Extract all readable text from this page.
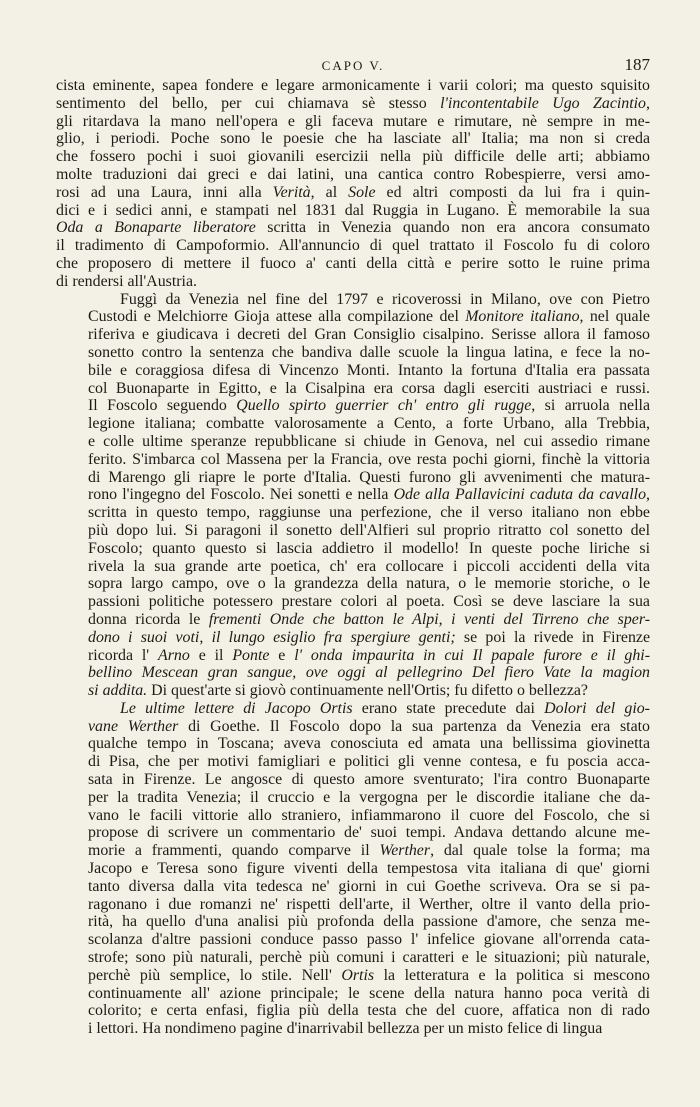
CAPO V.	187
cista eminente, sapea fondere e legare armonicamente i varii colori; ma questo squisito
sentimento del bello, per cui chiamava sè stesso l'incontentabile Ugo Zacintio,
gli ritardava la mano nell'opera e gli faceva mutare e rimutare, nè sempre in me-
glio, i periodi. Poche sono le poesie che ha lasciate all' Italia; ma non si creda
che fossero pochi i suoi giovanili esercizii nella più difficile delle arti; abbiamo
molte traduzioni dai greci e dai latini, una cantica contro Robespierre, versi amo-
rosi ad una Laura, inni alla Verità, al Sole ed altri composti da lui fra i quin-
dici e i sedici anni, e stampati nel 1831 dal Ruggia in Lugano. È memorabile la sua
Oda a Bonaparte liberatore scritta in Venezia quando non era ancora consumato
il tradimento di Campoformio. All'annuncio di quel trattato il Foscolo fu di coloro
che proposero di mettere il fuoco a' canti della città e perire sotto le ruine prima
di rendersi all'Austria.
Fuggì da Venezia nel fine del 1797 e ricoverossi in Milano, ove con Pietro
Custodi e Melchiorre Gioja attese alla compilazione del Monitore italiano, nel quale
riferiva e giudicava i decreti del Gran Consiglio cisalpino. Serisse allora il famoso
sonetto contro la sentenza che bandiva dalle scuole la lingua latina, e fece la no-
bile e coraggiosa difesa di Vincenzo Monti. Intanto la fortuna d'Italia era passata
col Buonaparte in Egitto, e la Cisalpina era corsa dagli eserciti austriaci e russi.
Il Foscolo seguendo Quello spirto guerrier ch' entro gli rugge, si arruola nella
legione italiana; combatte valorosamente a Cento, a forte Urbano, alla Trebbia,
e colle ultime speranze repubblicane si chiude in Genova, nel cui assedio rimane
ferito. S'imbarca col Massena per la Francia, ove resta pochi giorni, finchè la vittoria
di Marengo gli riapre le porte d'Italia. Questi furono gli avvenimenti che matura-
rono l'ingegno del Foscolo. Nei sonetti e nella Ode alla Pallavicini caduta da cavallo,
scritta in questo tempo, raggiunse una perfezione, che il verso italiano non ebbe
più dopo lui. Si paragoni il sonetto dell'Alfieri sul proprio ritratto col sonetto del
Foscolo; quanto questo si lascia addietro il modello! In queste poche liriche si
rivela la sua grande arte poetica, ch' era collocare i piccoli accidenti della vita
sopra largo campo, ove o la grandezza della natura, o le memorie storiche, o le
passioni politiche potessero prestare colori al poeta. Così se deve lasciare la sua
donna ricorda le frementi Onde che batton le Alpi, i venti del Tirreno che sper-
dono i suoi voti, il lungo esiglio fra spergiure genti; se poi la rivede in Firenze
ricorda l' Arno e il Ponte e l' onda impaurita in cui Il papale furore e il ghi-
bellino Mescean gran sangue, ove oggi al pellegrino Del fiero Vate la magion
si addita. Di quest'arte si giovò continuamente nell'Ortis; fu difetto o bellezza?
Le ultime lettere di Jacopo Ortis erano state precedute dai Dolori del gio-
vane Werther di Goethe. Il Foscolo dopo la sua partenza da Venezia era stato
qualche tempo in Toscana; aveva conosciuta ed amata una bellissima giovinetta
di Pisa, che per motivi famigliari e politici gli venne contesa, e fu poscia acca-
sata in Firenze. Le angosce di questo amore sventurato; l'ira contro Buonaparte
per la tradita Venezia; il cruccio e la vergogna per le discordie italiane che da-
vano le facili vittorie allo straniero, infiammarono il cuore del Foscolo, che si
propose di scrivere un commentario de' suoi tempi. Andava dettando alcune me-
morie a frammenti, quando comparve il Werther, dal quale tolse la forma; ma
Jacopo e Teresa sono figure viventi della tempestosa vita italiana di que' giorni
tanto diversa dalla vita tedesca ne' giorni in cui Goethe scriveva. Ora se si pa-
ragonano i due romanzi ne' rispetti dell'arte, il Werther, oltre il vanto della prio-
rità, ha quello d'una analisi più profonda della passione d'amore, che senza me-
scolanza d'altre passioni conduce passo passo l' infelice giovane all'orrenda cata-
strofe; sono più naturali, perchè più comuni i caratteri e le situazioni; più naturale,
perchè più semplice, lo stile. Nell' Ortis la letteratura e la politica si mescono
continuamente all' azione principale; le scene della natura hanno poca verità di
colorito; e certa enfasi, figlia più della testa che del cuore, affatica non di rado
i lettori. Ha nondimeno pagine d'inarrivabil bellezza per un misto felice di lingua
